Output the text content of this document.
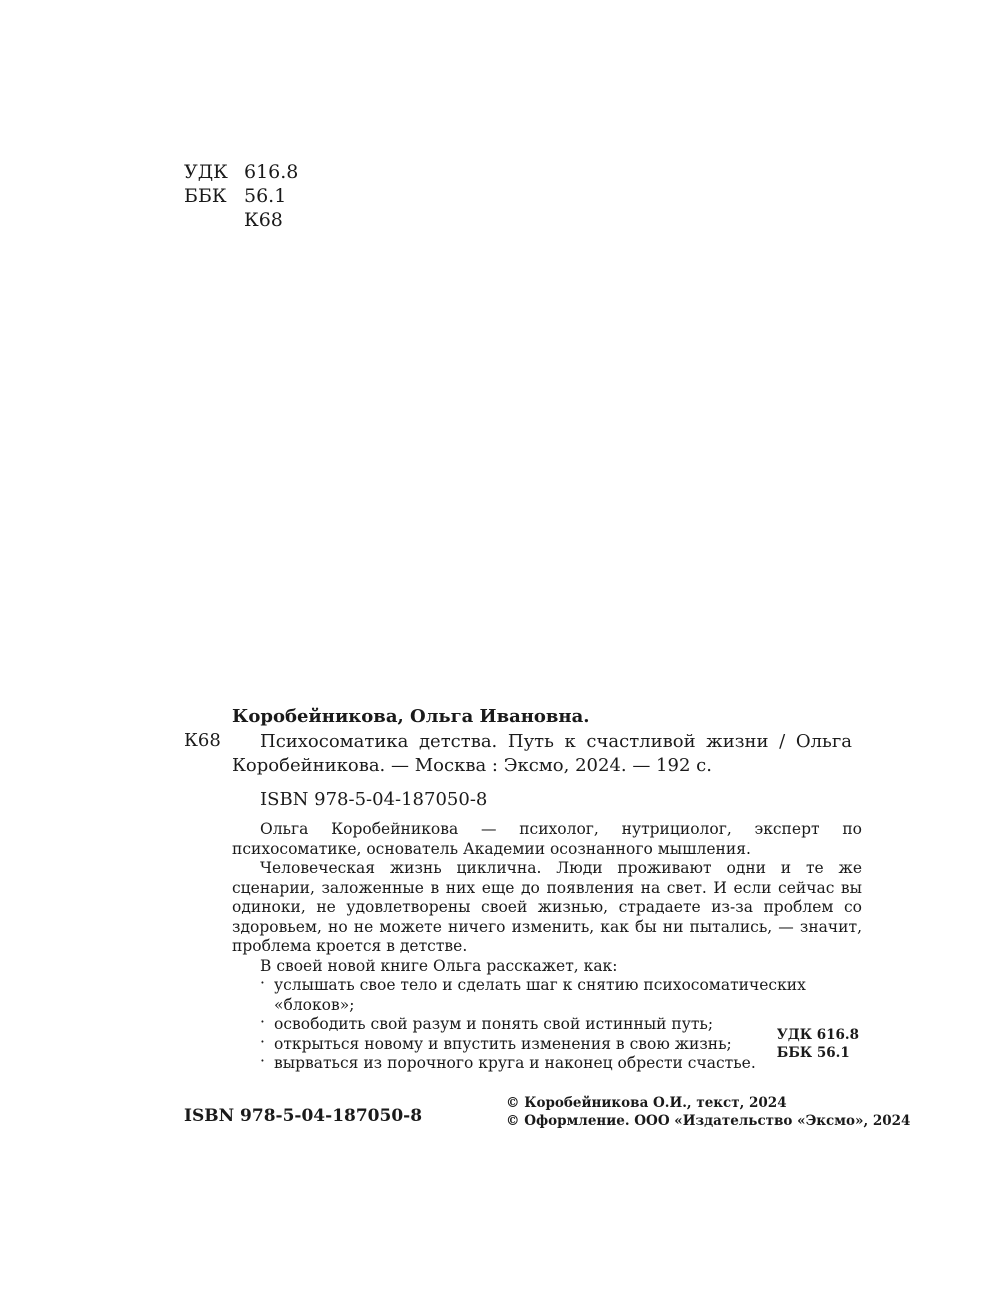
УДК 616.8
ББК 56.1
К68
Коробейникова, Ольга Ивановна.
К68	Психосоматика детства. Путь к счастливой жизни / Ольга Коробейникова. — Москва : Эксмо, 2024. — 192 с.
ISBN 978-5-04-187050-8

Ольга Коробейникова — психолог, нутрициолог, эксперт по психосоматике, основатель Академии осознанного мышления.

Человеческая жизнь циклична. Люди проживают одни и те же сценарии, заложенные в них еще до появления на свет. И если сейчас вы одиноки, не удовлетворены своей жизнью, страдаете из-за проблем со здоровьем, но не можете ничего изменить, как бы ни пытались, — значит, проблема кроется в детстве.

В своей новой книге Ольга расскажет, как:

· услышать свое тело и сделать шаг к снятию психосоматических «блоков»;
· освободить свой разум и понять свой истинный путь;
· открыться новому и впустить изменения в свою жизнь;
· вырваться из порочного круга и наконец обрести счастье.
УДК 616.8
ББК 56.1
ISBN 978-5-04-187050-8
© Коробейникова О.И., текст, 2024
© Оформление. ООО «Издательство «Эксмо», 2024
